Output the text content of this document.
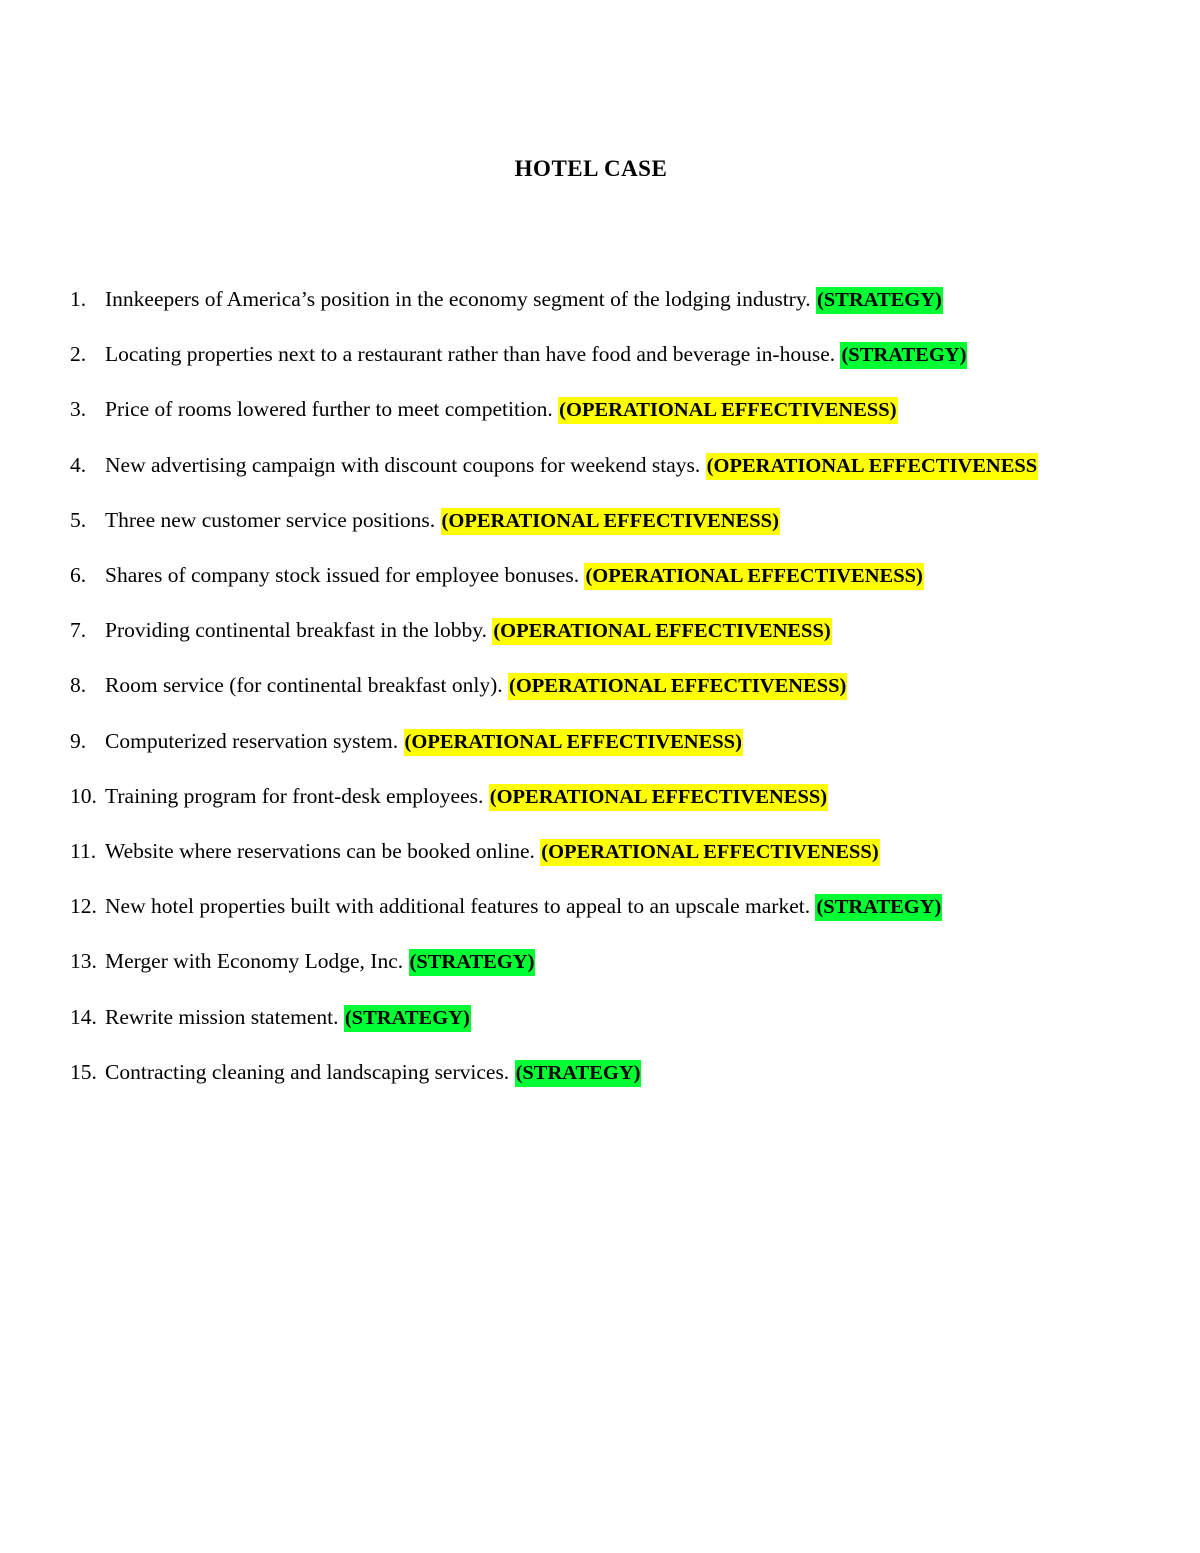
HOTEL CASE
1. Innkeepers of America’s position in the economy segment of the lodging industry. (STRATEGY)
2. Locating properties next to a restaurant rather than have food and beverage in-house. (STRATEGY)
3. Price of rooms lowered further to meet competition. (OPERATIONAL EFFECTIVENESS)
4. New advertising campaign with discount coupons for weekend stays. (OPERATIONAL EFFECTIVENESS
5. Three new customer service positions. (OPERATIONAL EFFECTIVENESS)
6. Shares of company stock issued for employee bonuses. (OPERATIONAL EFFECTIVENESS)
7. Providing continental breakfast in the lobby. (OPERATIONAL EFFECTIVENESS)
8. Room service (for continental breakfast only). (OPERATIONAL EFFECTIVENESS)
9. Computerized reservation system. (OPERATIONAL EFFECTIVENESS)
10. Training program for front-desk employees. (OPERATIONAL EFFECTIVENESS)
11. Website where reservations can be booked online. (OPERATIONAL EFFECTIVENESS)
12. New hotel properties built with additional features to appeal to an upscale market. (STRATEGY)
13. Merger with Economy Lodge, Inc. (STRATEGY)
14. Rewrite mission statement. (STRATEGY)
15. Contracting cleaning and landscaping services. (STRATEGY)
